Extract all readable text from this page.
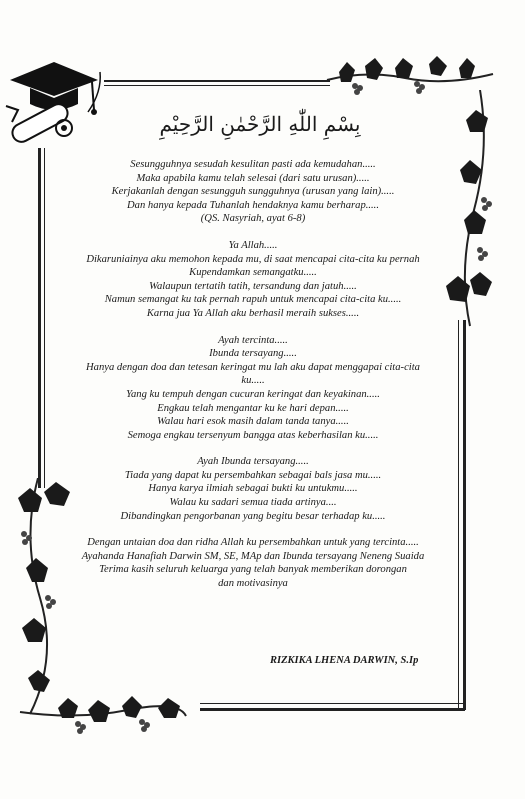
بِسْمِ اللّٰهِ الرَّحْمٰنِ الرَّحِيْمِ

Sesungguhnya sesudah kesulitan pasti ada kemudahan.....

Maka apabila kamu telah selesai (dari satu urusan).....

Kerjakanlah dengan sesungguh sungguhnya (urusan yang lain).....

Dan hanya kepada Tuhanlah hendaknya kamu berharap.....

(QS. Nasyriah, ayat 6-8)

Ya Allah.....

Dikaruniainya aku memohon kepada mu, di saat mencapai cita-cita ku pernah

Kupendamkan semangatku.....

Walaupun tertatih tatih, tersandung dan jatuh.....

Namun semangat ku tak pernah rapuh untuk mencapai cita-cita ku.....

Karna jua Ya Allah aku berhasil meraih sukses.....

Ayah tercinta.....

Ibunda tersayang.....

Hanya dengan doa dan tetesan keringat mu lah aku dapat menggapai cita-cita

ku.....

Yang ku tempuh dengan cucuran keringat dan keyakinan.....

Engkau telah mengantar ku ke hari depan.....

Walau hari esok masih dalam tanda tanya.....

Semoga engkau tersenyum bangga atas keberhasilan ku.....

Ayah Ibunda tersayang.....

Tiada yang dapat ku persembahkan sebagai bals jasa mu.....

Hanya karya ilmiah sebagai bukti ku untukmu.....

Walau ku sadari semua tiada artinya....

Dibandingkan pengorbanan yang begitu besar terhadap ku.....

Dengan untaian doa dan ridha Allah ku persembahkan untuk yang tercinta.....

Ayahanda Hanafiah Darwin SM, SE, MAp dan Ibunda tersayang Neneng Suaida

Terima kasih seluruh keluarga yang telah banyak memberikan dorongan

dan motivasinya

RIZKIKA LHENA DARWIN, S.Ip
